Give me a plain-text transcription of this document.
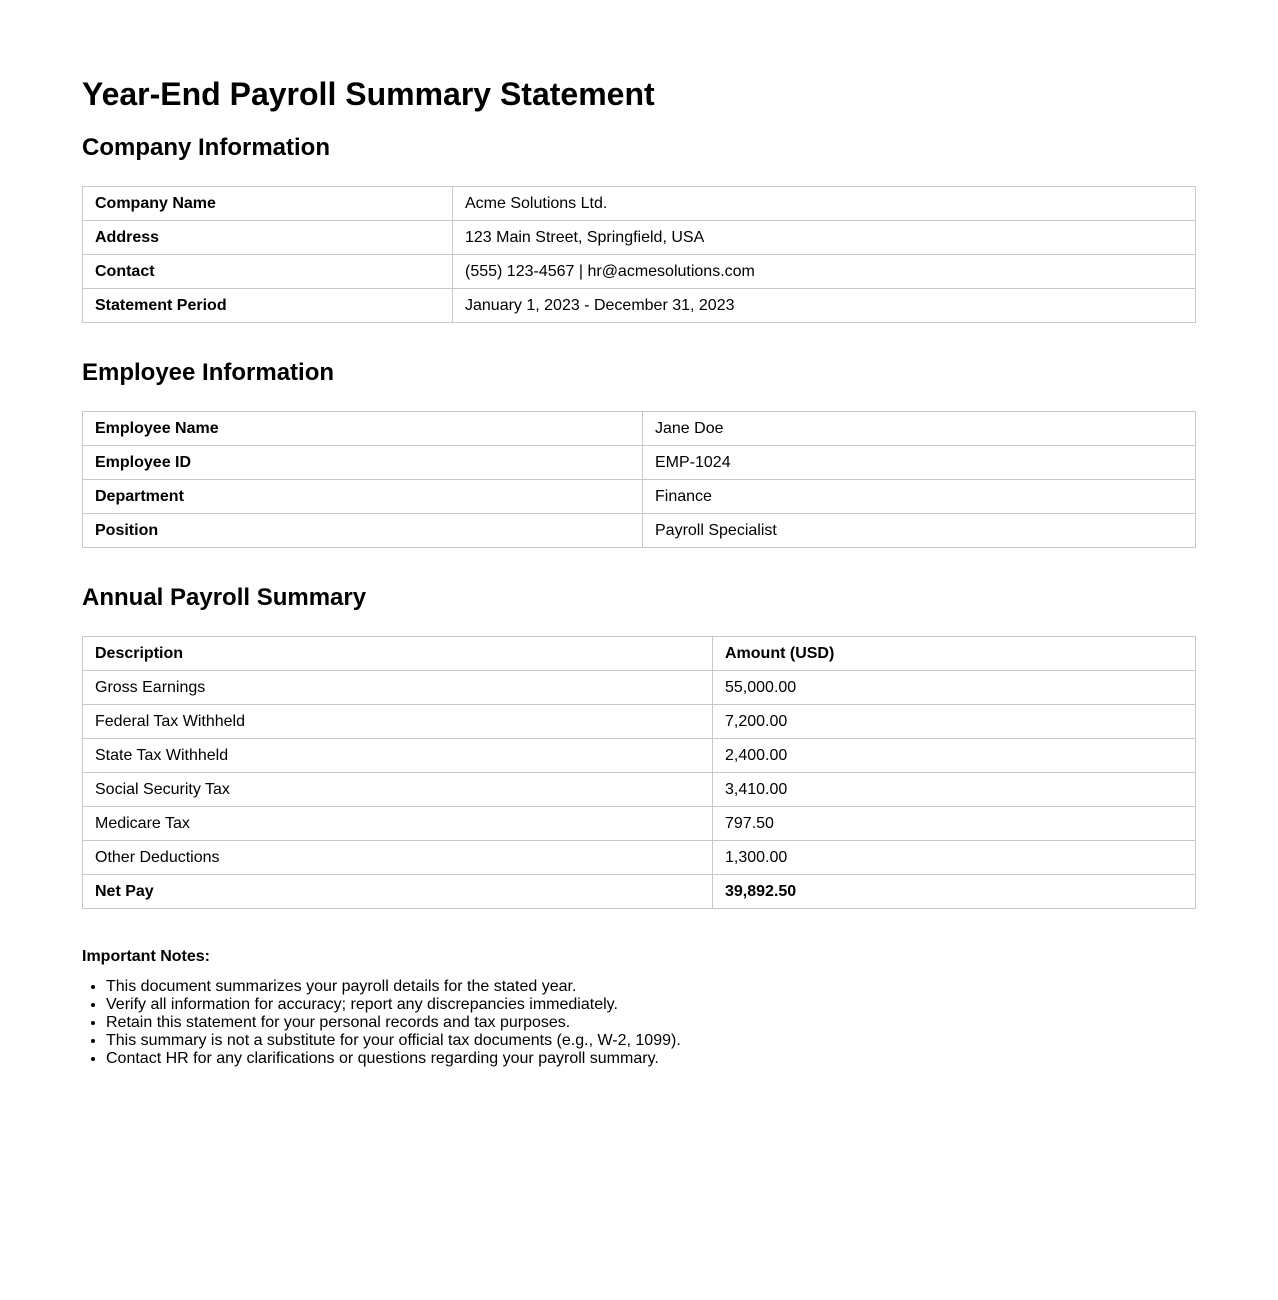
Year-End Payroll Summary Statement
Company Information
Company Name	Acme Solutions Ltd.
Address	123 Main Street, Springfield, USA
Contact	(555) 123-4567 | hr@acmesolutions.com
Statement Period	January 1, 2023 - December 31, 2023
Employee Information
Employee Name	Jane Doe
Employee ID	EMP-1024
Department	Finance
Position	Payroll Specialist
Annual Payroll Summary
Description	Amount (USD)
Gross Earnings	55,000.00
Federal Tax Withheld	7,200.00
State Tax Withheld	2,400.00
Social Security Tax	3,410.00
Medicare Tax	797.50
Other Deductions	1,300.00
Net Pay	39,892.50
Important Notes:
• This document summarizes your payroll details for the stated year.
• Verify all information for accuracy; report any discrepancies immediately.
• Retain this statement for your personal records and tax purposes.
• This summary is not a substitute for your official tax documents (e.g., W-2, 1099).
• Contact HR for any clarifications or questions regarding your payroll summary.
